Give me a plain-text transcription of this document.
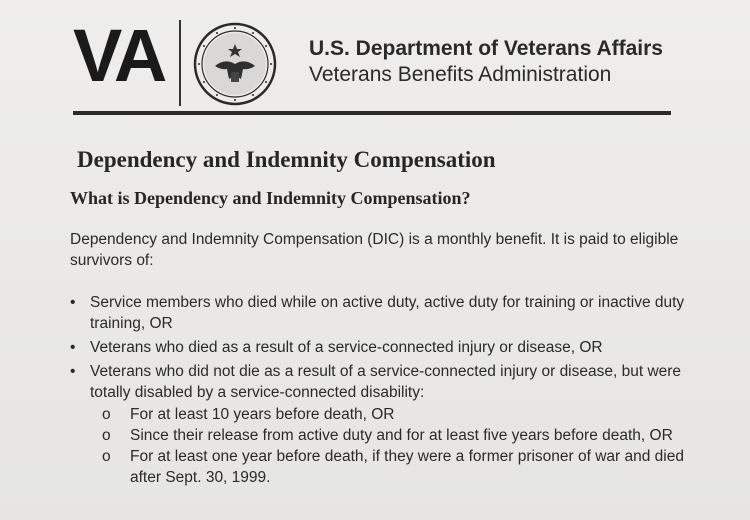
VA	U.S. Department of Veterans Affairs
Veterans Benefits Administration
Dependency and Indemnity Compensation
What is Dependency and Indemnity Compensation?
Dependency and Indemnity Compensation (DIC) is a monthly benefit. It is paid to eligible survivors of:
• Service members who died while on active duty, active duty for training or inactive duty training, OR
• Veterans who died as a result of a service-connected injury or disease, OR
• Veterans who did not die as a result of a service-connected injury or disease, but were totally disabled by a service-connected disability:
o For at least 10 years before death, OR
o Since their release from active duty and for at least five years before death, OR
o For at least one year before death, if they were a former prisoner of war and died after Sept. 30, 1999.
